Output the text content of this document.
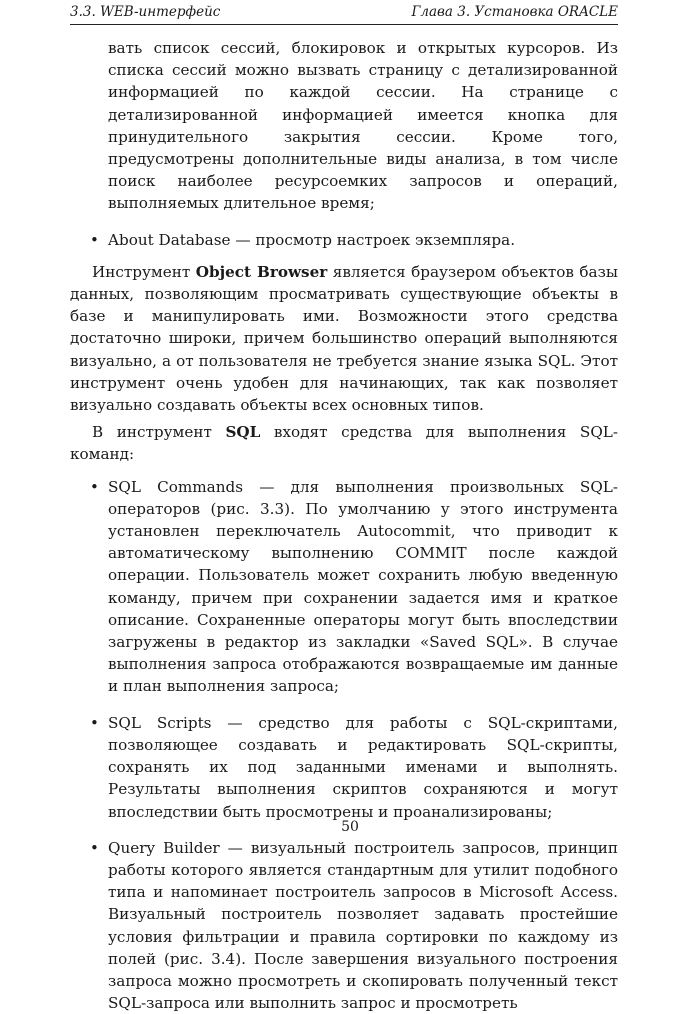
3.3. WEB-интерфейс	Глава 3. Установка ORACLE

вать список сессий, блокировок и открытых курсоров. Из списка сессий можно вызвать страницу с детализированной информацией по каждой сессии. На странице с детализированной информацией имеется кнопка для принудительного закрытия сессии. Кроме того, предусмотрены дополнительные виды анализа, в том числе поиск наиболее ресурсоемких запросов и операций, выполняемых длительное время;

• About Database — просмотр настроек экземпляра.

Инструмент Object Browser является браузером объектов базы данных, позволяющим просматривать существующие объекты в базе и манипулировать ими. Возможности этого средства достаточно широки, причем большинство операций выполняются визуально, а от пользователя не требуется знание языка SQL. Этот инструмент очень удобен для начинающих, так как позволяет визуально создавать объекты всех основных типов.

В инструмент SQL входят средства для выполнения SQL-команд:

• SQL Commands — для выполнения произвольных SQL-операторов (рис. 3.3). По умолчанию у этого инструмента установлен переключатель Autocommit, что приводит к автоматическому выполнению COMMIT после каждой операции. Пользователь может сохранить любую введенную команду, причем при сохранении задается имя и краткое описание. Сохраненные операторы могут быть впоследствии загружены в редактор из закладки «Saved SQL». В случае выполнения запроса отображаются возвращаемые им данные и план выполнения запроса;

• SQL Scripts — средство для работы с SQL-скриптами, позволяющее создавать и редактировать SQL-скрипты, сохранять их под заданными именами и выполнять. Результаты выполнения скриптов сохраняются и могут впоследствии быть просмотрены и проанализированы;

• Query Builder — визуальный построитель запросов, принцип работы которого является стандартным для утилит подобного типа и напоминает построитель запросов в Microsoft Access. Визуальный построитель позволяет задавать простейшие условия фильтрации и правила сортировки по каждому из полей (рис. 3.4). После завершения визуального построения запроса можно просмотреть и скопировать полученный текст SQL-запроса или выполнить запрос и просмотреть

50
